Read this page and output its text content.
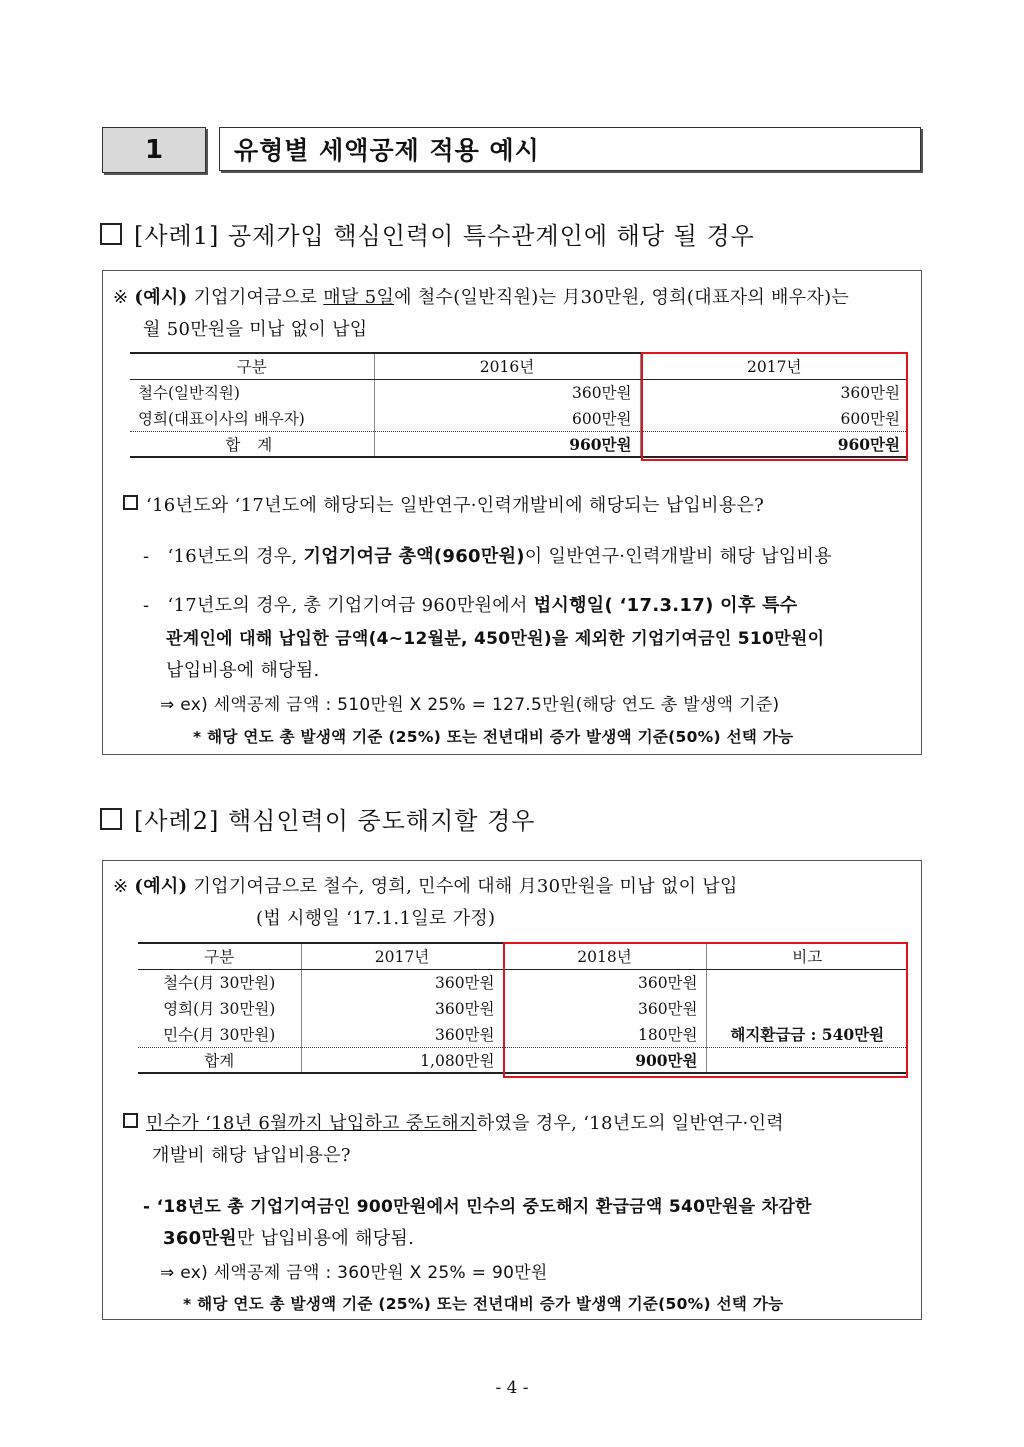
1	유형별 세액공제 적용 예시
[사례1] 공제가입 핵심인력이 특수관계인에 해당 될 경우
※ (예시) 기업기여금으로 매달 5일에 철수(일반직원)는 月30만원, 영희(대표자의 배우자)는
월 50만원을 미납 없이 납입
구분	2016년	2017년
철수(일반직원)	360만원	360만원
영희(대표이사의 배우자)	600만원	600만원
합 계	960만원	960만원
‘16년도와 ‘17년도에 해당되는 일반연구·인력개발비에 해당되는 납입비용은?
- ‘16년도의 경우, 기업기여금 총액(960만원)이 일반연구·인력개발비 해당 납입비용
- ‘17년도의 경우, 총 기업기여금 960만원에서 법시행일( ‘17.3.17) 이후 특수
관계인에 대해 납입한 금액(4~12월분, 450만원)을 제외한 기업기여금인 510만원이
납입비용에 해당됨.
⇒ ex) 세액공제 금액 : 510만원 X 25% = 127.5만원(해당 연도 총 발생액 기준)
* 해당 연도 총 발생액 기준 (25%) 또는 전년대비 증가 발생액 기준(50%) 선택 가능
[사례2] 핵심인력이 중도해지할 경우
※ (예시) 기업기여금으로 철수, 영희, 민수에 대해 月30만원을 미납 없이 납입
(법 시행일 ‘17.1.1일로 가정)
구분	2017년	2018년	비고
철수(月 30만원)	360만원	360만원	
영희(月 30만원)	360만원	360만원	
민수(月 30만원)	360만원	180만원	해지환급금 : 540만원
합계	1,080만원	900만원	
민수가 ‘18년 6월까지 납입하고 중도해지하였을 경우, ‘18년도의 일반연구·인력
개발비 해당 납입비용은?
- ‘18년도 총 기업기여금인 900만원에서 민수의 중도해지 환급금액 540만원을 차감한
360만원만 납입비용에 해당됨.
⇒ ex) 세액공제 금액 : 360만원 X 25% = 90만원
* 해당 연도 총 발생액 기준 (25%) 또는 전년대비 증가 발생액 기준(50%) 선택 가능
- 4 -
